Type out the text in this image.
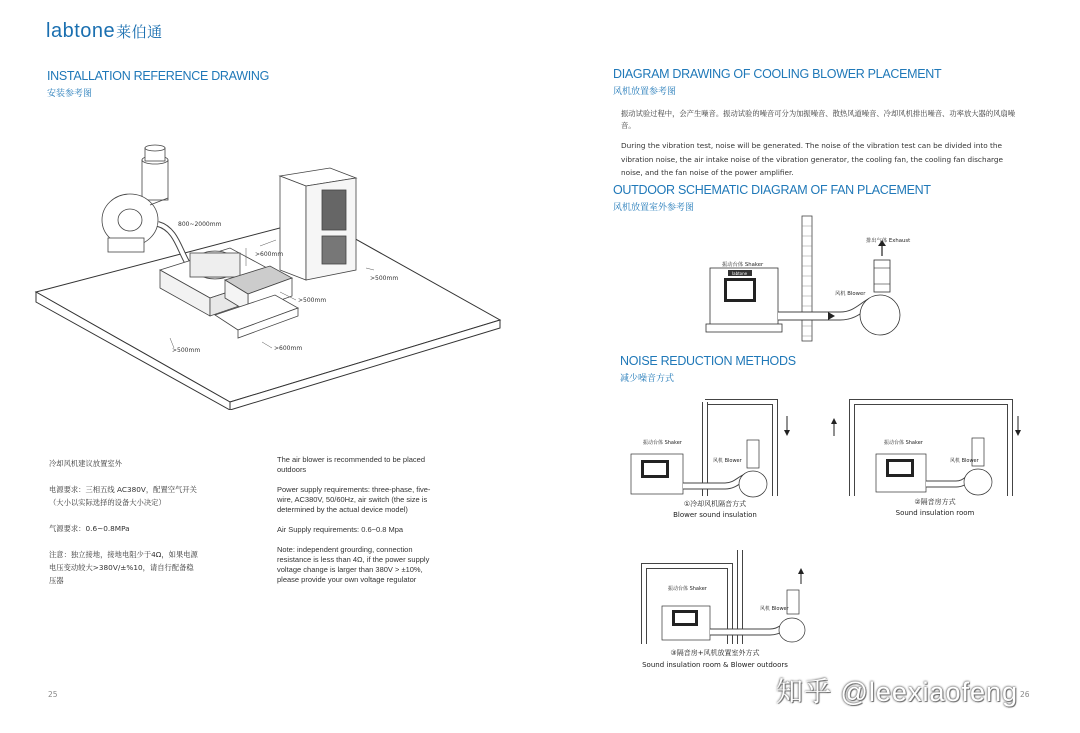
labtone莱伯通
INSTALLATION REFERENCE DRAWING
安装参考图
800~2000mm
>600mm
>500mm
>500mm
>500mm	>600mm
冷却风机建议放置室外
电源要求：三相五线 AC380V，配置空气开关
（大小以实际选择的设备大小决定）
气源要求：0.6~0.8MPa
注意：独立接地，接地电阻少于4Ω，如果电源
电压变动较大>380V/±%10，请自行配备稳
压器
The air blower is recommended to be placed outdoors
Power supply requirements: three-phase, five-wire, AC380V, 50/60Hz, air switch (the size is determined by the actual device model)
Air Supply requirements: 0.6~0.8 Mpa
Note: independent grourding, connection resistance is less than 4Ω, if the power supply voltage change is larger than 380V > ±10%, please provide your own voltage regulator
25
DIAGRAM DRAWING OF COOLING BLOWER PLACEMENT
风机放置参考图
振动试验过程中，会产生噪音。振动试验的噪音可分为加振噪音、散热风道噪音、冷却风机排出噪音、功率放大器的风扇噪音。
During the vibration test, noise will be generated. The noise of the vibration test can be divided into the vibration noise, the air intake noise of the vibration generator, the cooling fan, the cooling fan discharge noise, and the fan noise of the power amplifier.
OUTDOOR SCHEMATIC DIAGRAM OF FAN PLACEMENT
风机放置室外参考图
labtone
排出气体 Exhaust
振动台体 Shaker
风机 Blower
NOISE REDUCTION METHODS
减少噪音方式
振动台体 Shaker
风机 Blower
①冷却风机隔音方式
Blower sound insulation
振动台体 Shaker
风机 Blower
②隔音房方式
Sound insulation room
振动台体 Shaker
风机 Blower
③隔音房+风机放置室外方式
Sound insulation room & Blower outdoors
26
知乎 @leexiaofeng
